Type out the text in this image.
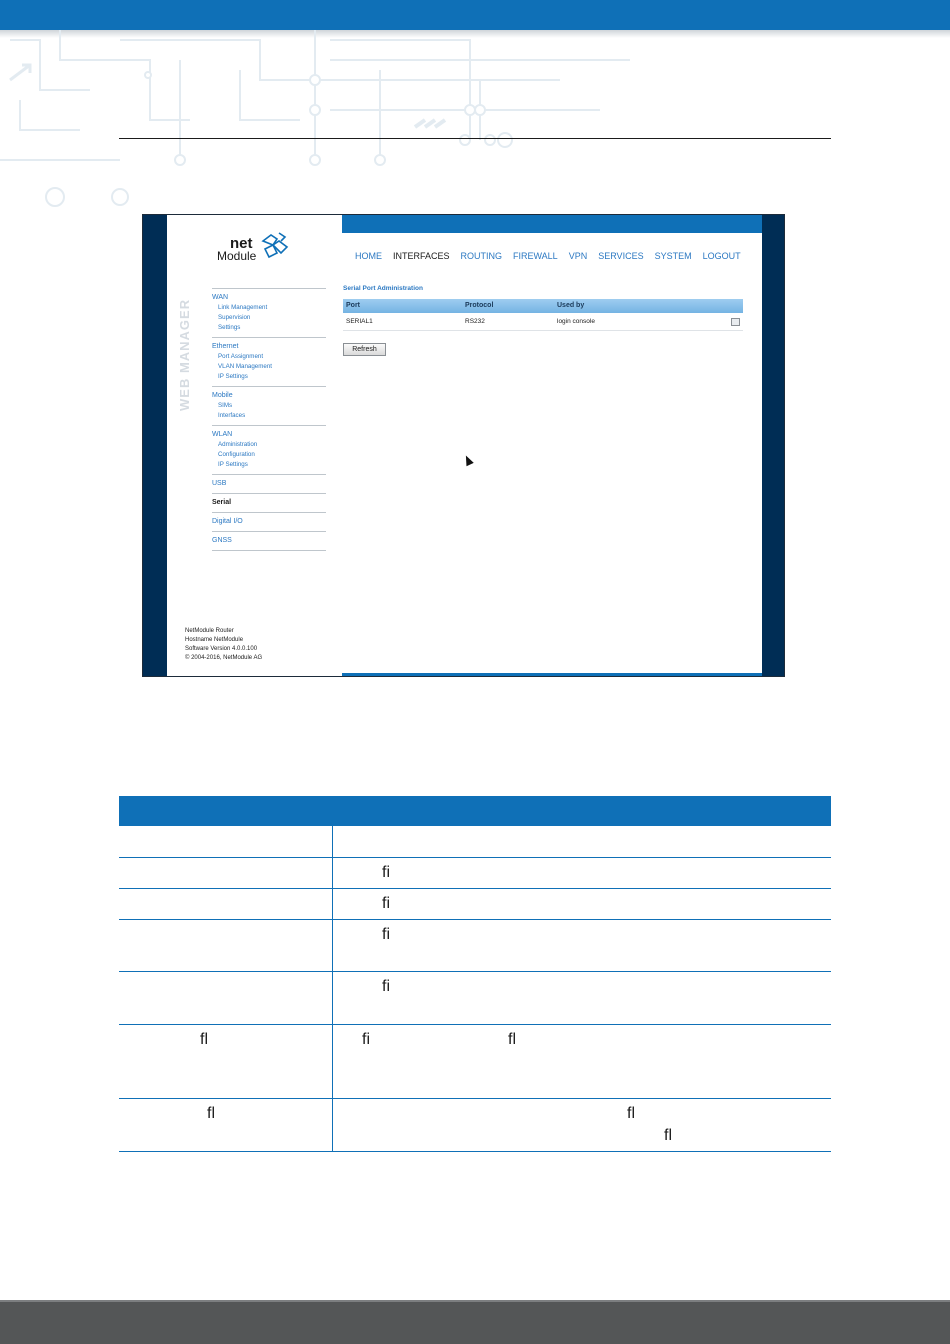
net
Module
WEB MANAGER
WAN
Link Management
Supervision
Settings
Ethernet
Port Assignment
VLAN Management
IP Settings
Mobile
SIMs
Interfaces
WLAN
Administration
Configuration
IP Settings
USB
Serial
Digital I/O
GNSS
NetModule Router
Hostname NetModule
Software Version 4.0.0.100
© 2004-2016, NetModule AG
HOME INTERFACES ROUTING FIREWALL VPN SERVICES SYSTEM LOGOUT
Serial Port Administration
Port	Protocol	Used by
SERIAL1	RS232	login console
Refresh

	fi

	fi

	fi

	fi

fl	fi fl

fl	fl
fl
